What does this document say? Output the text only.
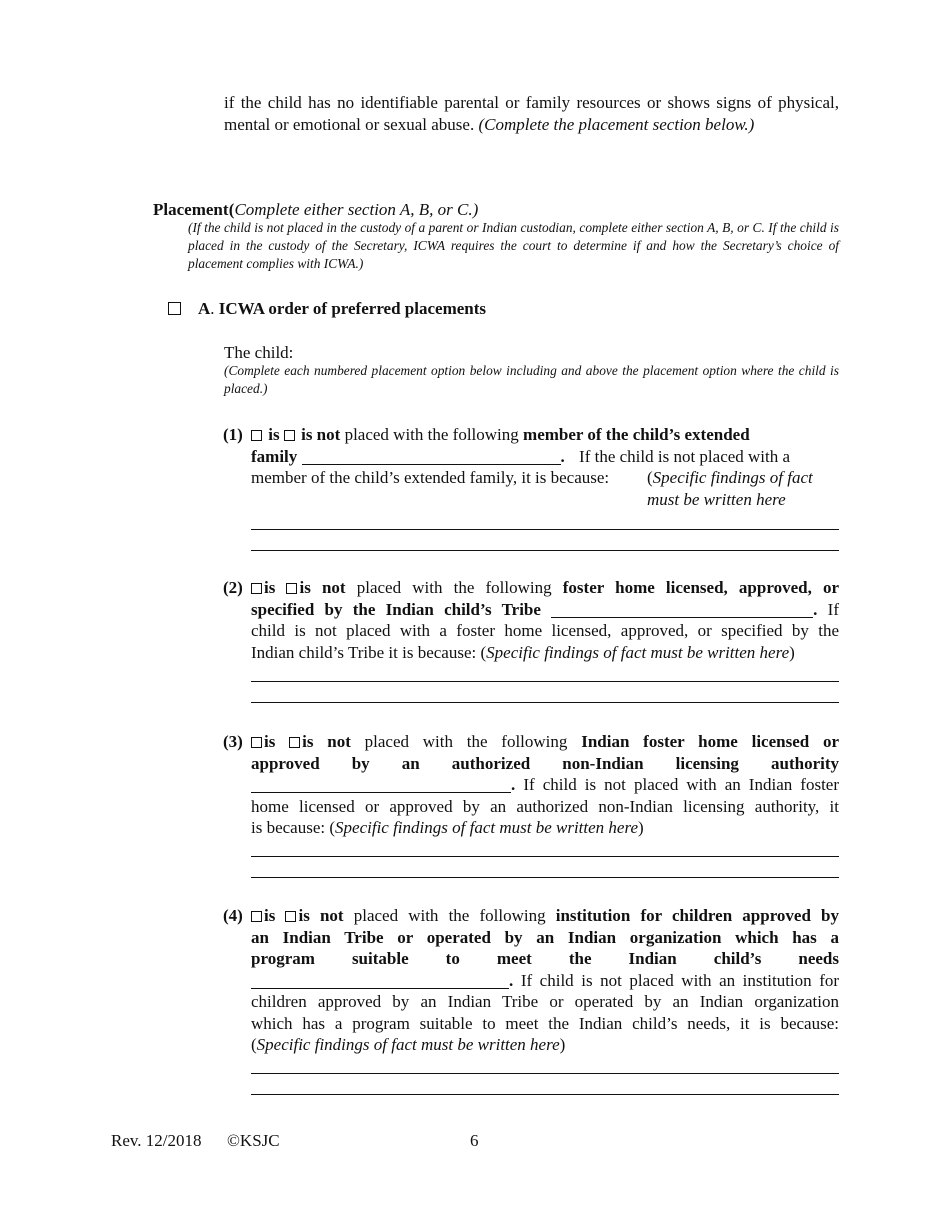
if the child has no identifiable parental or family resources or shows signs of physical, mental or emotional or sexual abuse. (Complete the placement section below.)
Placement (Complete either section A, B, or C.)
(If the child is not placed in the custody of a parent or Indian custodian, complete either section A, B, or C. If the child is placed in the custody of the Secretary, ICWA requires the court to determine if and how the Secretary’s choice of placement complies with ICWA.)
A. ICWA order of preferred placements
The child:
(Complete each numbered placement option below including and above the placement option where the child is placed.)
(1)	is is not placed with the following member of the child’s extended
family	. If the child is not placed with a
member of the child’s extended family, it is because:	(Specific findings of fact must be written here
(2)	is is not placed with the following foster home licensed, approved, or
specified by the Indian child’s Tribe	. If
child is not placed with a foster home licensed, approved, or specified by the
Indian child’s Tribe it is because: (Specific findings of fact must be written here)
(3)	is is not placed with the following Indian foster home licensed or
approved by an authorized non-Indian licensing authority
. If child is not placed with an Indian foster
home licensed or approved by an authorized non-Indian licensing authority, it
is because: (Specific findings of fact must be written here)
(4)	is is not placed with the following institution for children approved by
an Indian Tribe or operated by an Indian organization which has a
program suitable to meet the Indian child’s needs
. If child is not placed with an institution for
children approved by an Indian Tribe or operated by an Indian organization
which has a program suitable to meet the Indian child’s needs, it is because:
(Specific findings of fact must be written here)
Rev. 12/2018 ©KSJC	6
